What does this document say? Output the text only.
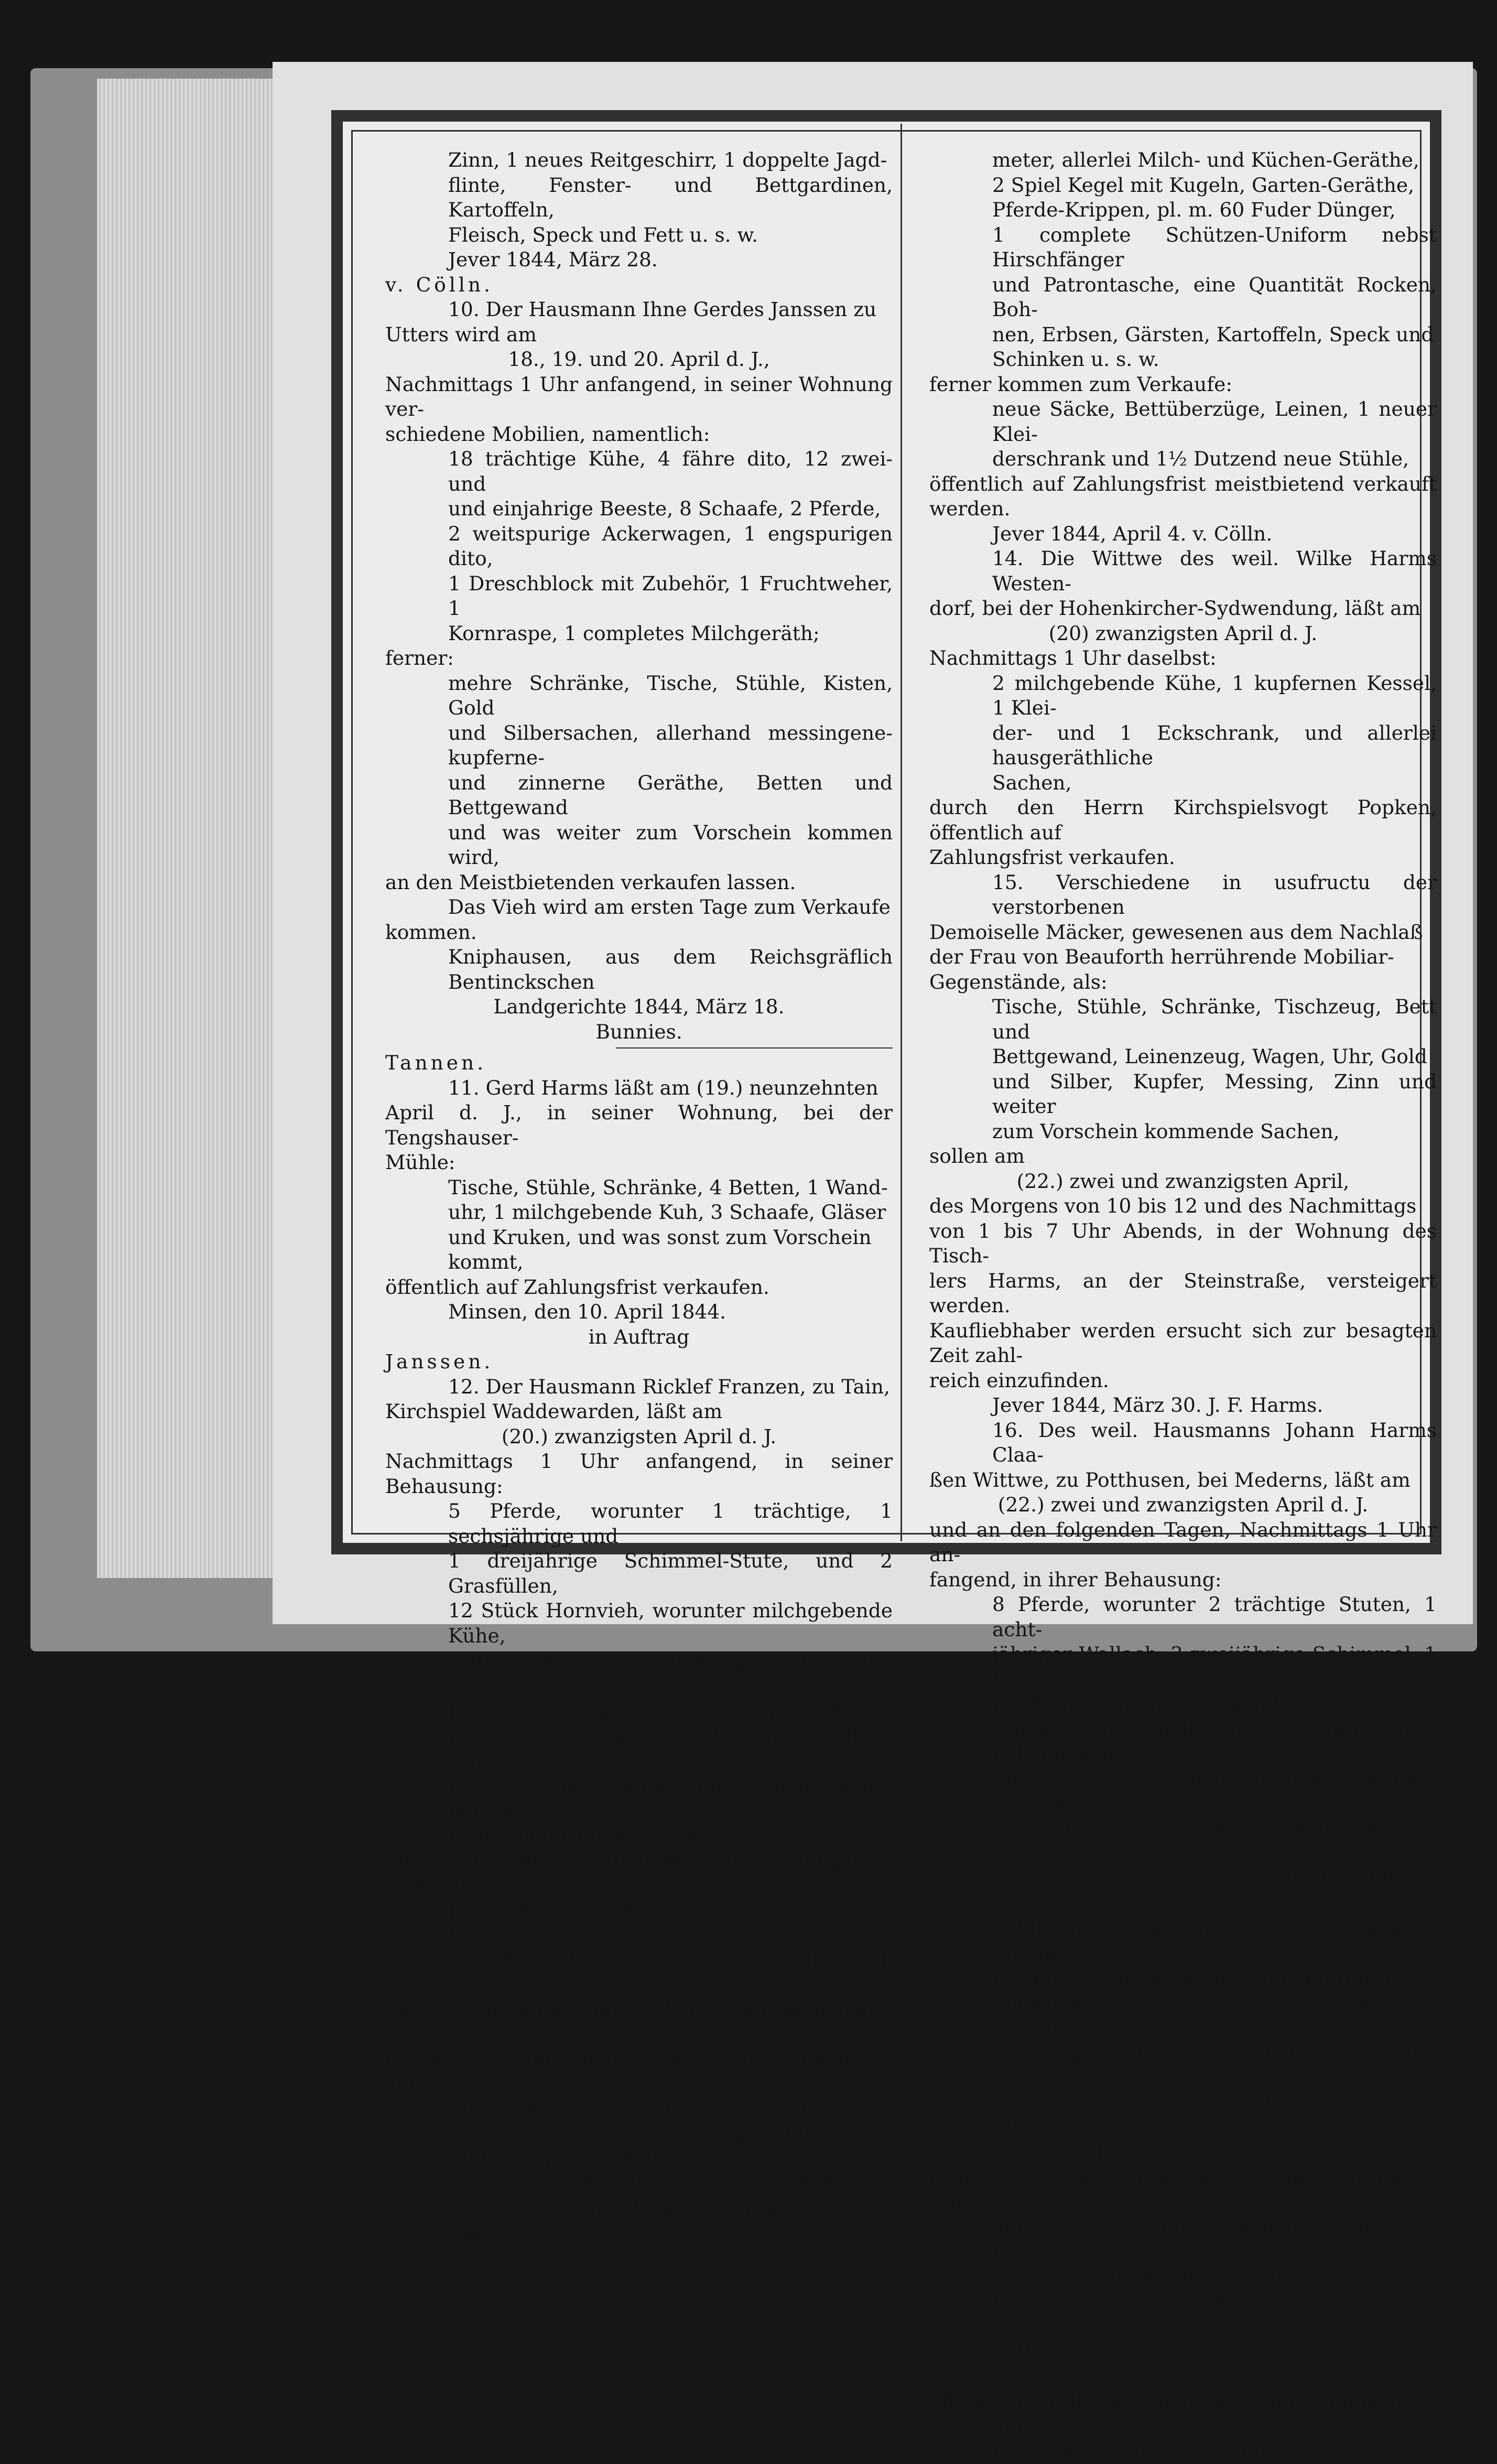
Zinn, 1 neues Reitgeschirr, 1 doppelte Jagd-

flinte, Fenster- und Bettgardinen, Kartoffeln,

Fleisch, Speck und Fett u. s. w.

Jever 1844, März 28.

v. Cölln.

10. Der Hausmann Ihne Gerdes Janssen zu

Utters wird am

18., 19. und 20. April d. J.,

Nachmittags 1 Uhr anfangend, in seiner Wohnung ver-

schiedene Mobilien, namentlich:

18 trächtige Kühe, 4 fähre dito, 12 zwei- und

und einjahrige Beeste, 8 Schaafe, 2 Pferde,

2 weitspurige Ackerwagen, 1 engspurigen dito,

1 Dreschblock mit Zubehör, 1 Fruchtweher, 1

Kornraspe, 1 completes Milchgeräth;

ferner:

mehre Schränke, Tische, Stühle, Kisten, Gold

und Silbersachen, allerhand messingene- kupferne-

und zinnerne Geräthe, Betten und Bettgewand

und was weiter zum Vorschein kommen wird,

an den Meistbietenden verkaufen lassen.

Das Vieh wird am ersten Tage zum Verkaufe

kommen.

Kniphausen, aus dem Reichsgräflich Bentinckschen

Landgerichte 1844, März 18.

Bunnies.

Tannen.

11. Gerd Harms läßt am (19.) neunzehnten

April d. J., in seiner Wohnung, bei der Tengshauser-

Mühle:

Tische, Stühle, Schränke, 4 Betten, 1 Wand-

uhr, 1 milchgebende Kuh, 3 Schaafe, Gläser

und Kruken, und was sonst zum Vorschein

kommt,

öffentlich auf Zahlungsfrist verkaufen.

Minsen, den 10. April 1844.

in Auftrag

Janssen.

12. Der Hausmann Ricklef Franzen, zu Tain,

Kirchspiel Waddewarden, läßt am

(20.) zwanzigsten April d. J.

Nachmittags 1 Uhr anfangend, in seiner Behausung:

5 Pferde, worunter 1 trächtige, 1 sechsjährige und

1 dreijährige Schimmel-Stute, und 2 Grasfüllen,

12 Stück Hornvieh, worunter milchgebende Kühe,

zeitige Beeste, 1 einjähriger Stier und sonstiges

Jungvieh, 1 Wagen, 1 Pflug, 1 Egde, 1 Käse-

presse, Milchballien und Eimer, Hilhoz, Damm-

hecken, und Dammpfähle, auch einige hausgeräth-

liche Gegenstände u. s. w.

öffentlich an die Meistbietenden auf Zahlungsfrist verkaufen.

Jever 1844, April 4.

v. Cölln.

13. Am (20.) zwanzigsten April d. J. Nachmit-

tags 1 Uhr anfangend, sollen in der Behausung des

Gastwirths Lübbe Thaden Janßen, zum Blumen-

kohl:

Pferde, Kühe, circa 30 Stück Schaafe mit

und ohne Lämmer, Wagen, Egde, Pflüge, 1

Mullschleppe, 1 Mullkette, Bau- und Damm-

Holz, Tische, Stühle, ledige Fäßer, Koffer,

Kisten, 1 Schneidelade, Pferdegeschirr, 1 Baro-

meter, allerlei Milch- und Küchen-Geräthe,

2 Spiel Kegel mit Kugeln, Garten-Geräthe,

Pferde-Krippen, pl. m. 60 Fuder Dünger,

1 complete Schützen-Uniform nebst Hirschfänger

und Patrontasche, eine Quantität Rocken, Boh-

nen, Erbsen, Gärsten, Kartoffeln, Speck und

Schinken u. s. w.

ferner kommen zum Verkaufe:

neue Säcke, Bettüberzüge, Leinen, 1 neuer Klei-

derschrank und 1½ Dutzend neue Stühle,

öffentlich auf Zahlungsfrist meistbietend verkauft werden.

Jever 1844, April 4. v. Cölln.

14. Die Wittwe des weil. Wilke Harms Westen-

dorf, bei der Hohenkircher-Sydwendung, läßt am

(20) zwanzigsten April d. J.

Nachmittags 1 Uhr daselbst:

2 milchgebende Kühe, 1 kupfernen Kessel, 1 Klei-

der- und 1 Eckschrank, und allerlei hausgeräthliche

Sachen,

durch den Herrn Kirchspielsvogt Popken, öffentlich auf

Zahlungsfrist verkaufen.

15. Verschiedene in usufructu der verstorbenen

Demoiselle Mäcker, gewesenen aus dem Nachlaß

der Frau von Beauforth herrührende Mobiliar-

Gegenstände, als:

Tische, Stühle, Schränke, Tischzeug, Bett und

Bettgewand, Leinenzeug, Wagen, Uhr, Gold

und Silber, Kupfer, Messing, Zinn und weiter

zum Vorschein kommende Sachen,

sollen am

(22.) zwei und zwanzigsten April,

des Morgens von 10 bis 12 und des Nachmittags

von 1 bis 7 Uhr Abends, in der Wohnung des Tisch-

lers Harms, an der Steinstraße, versteigert werden.

Kaufliebhaber werden ersucht sich zur besagten Zeit zahl-

reich einzufinden.

Jever 1844, März 30. J. F. Harms.

16. Des weil. Hausmanns Johann Harms Claa-

ßen Wittwe, zu Potthusen, bei Mederns, läßt am

(22.) zwei und zwanzigsten April d. J.

und an den folgenden Tagen, Nachmittags 1 Uhr an-

fangend, in ihrer Behausung:

8 Pferde, worunter 2 trächtige Stuten, 1 acht-

jähriger Wallach, 3 zweijährige Schimmel, 1 brau-

ner Temmling, und 1 Grasfüllen, circa 20

Stück, zum Theil junge schwarzbunte milchgebende

Kühe, 4 fähre Kühe, Jungvieh, Kälber, Schaafe,

2 Mutterschweine mit Ferkeln, Wagen, worunter

1 Korbwagen, 1 Wagenaufsatz, Pflüge, Egden, 1

Schlitten mit Kasten, 1 Schneidelade, 1 Mullbrett,

mit Kette, Kuh- Kopf- und Hals-Ketten, 1

Schweinekofen, 1 Grützquerne, 1 Fruchtweher, 1

Kornraspe, allerlei Pferde-Geschirr und Acker-

Geräthe, Rollbäume und Dammhecken, Milch-

Geräthe aller Art u. s. w.

ferner: Schränke, worunter 1 Comtoirschrank, 1 Bud-

delei, Tische, Stühle, Spiegeln, 1 halbkastig Uhr,

1 Lit de camp. mit Behang, Betten mit Zu-

behör, Kisten, Zinn, Kupfer, Eisen, Blech, Speck

Fett, so wie verschiedene sonstige Gegenstände,

öffentlich an die Meistbietenden auf Zahlungsfrist verkaufen.

Jever 1844, April 4. v. Cölln.
